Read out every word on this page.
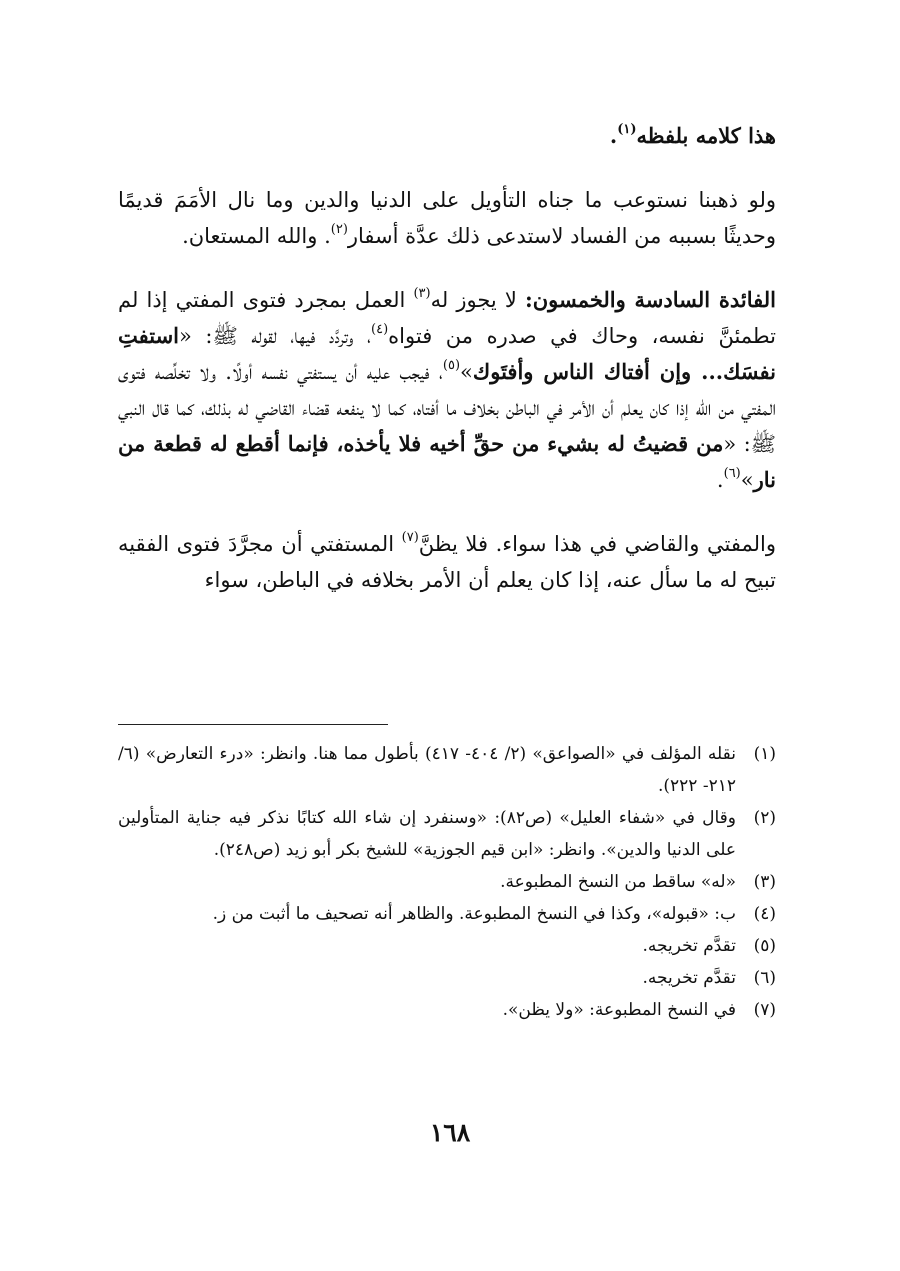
هذا كلامه بلفظه$^{(١)}$.

ولو ذهبنا نستوعب ما جناه التأويل على الدنيا والدين وما نال الأمَمَ قديمًا وحديثًا بسببه من الفساد لاستدعى ذلك عدَّة أسفار$^{(٢)}$. والله المستعان.

الفائدة السادسة والخمسون: لا يجوز له$^{(٣)}$ العمل بمجرد فتوى المفتي إذا لم تطمئنَّ نفسه، وحاك في صدره من فتواه$^{(٤)}$، وتردَّد فيها، لقوله ﷺ: «استفتِ نفسَك... وإن أفتاك الناس وأفتَوك»$^{(٥)}$، فيجب عليه أن يستفتي نفسه أولًا. ولا تخلِّصه فتوى المفتي من الله إذا كان يعلم أن الأمر في الباطن بخلاف ما أفتاه، كما لا ينفعه قضاء القاضي له بذلك، كما قال النبي ﷺ: «من قضيتُ له بشيء من حقِّ أخيه فلا يأخذه، فإنما أقطع له قطعة من نار»$^{(٦)}$.

والمفتي والقاضي في هذا سواء. فلا يظنَّ$^{(٧)}$ المستفتي أن مجرَّدَ فتوى الفقيه تبيح له ما سأل عنه، إذا كان يعلم أن الأمر بخلافه في الباطن، سواء

(١)
نقله المؤلف في «الصواعق» (٢/ ٤٠٤- ٤١٧) بأطول مما هنا. وانظر: «درء التعارض» (٦/ ٢١٢- ٢٢٢).
(٢)
وقال في «شفاء العليل» (ص٨٢): «وسنفرد إن شاء الله كتابًا نذكر فيه جناية المتأولين على الدنيا والدين». وانظر: «ابن قيم الجوزية» للشيخ بكر أبو زيد (ص٢٤٨).
(٣)
«له» ساقط من النسخ المطبوعة.
(٤)
ب: «قبوله»، وكذا في النسخ المطبوعة. والظاهر أنه تصحيف ما أثبت من ز.
(٥)
تقدَّم تخريجه.
(٦)
تقدَّم تخريجه.
(٧)
في النسخ المطبوعة: «ولا يظن».
١٦٨
